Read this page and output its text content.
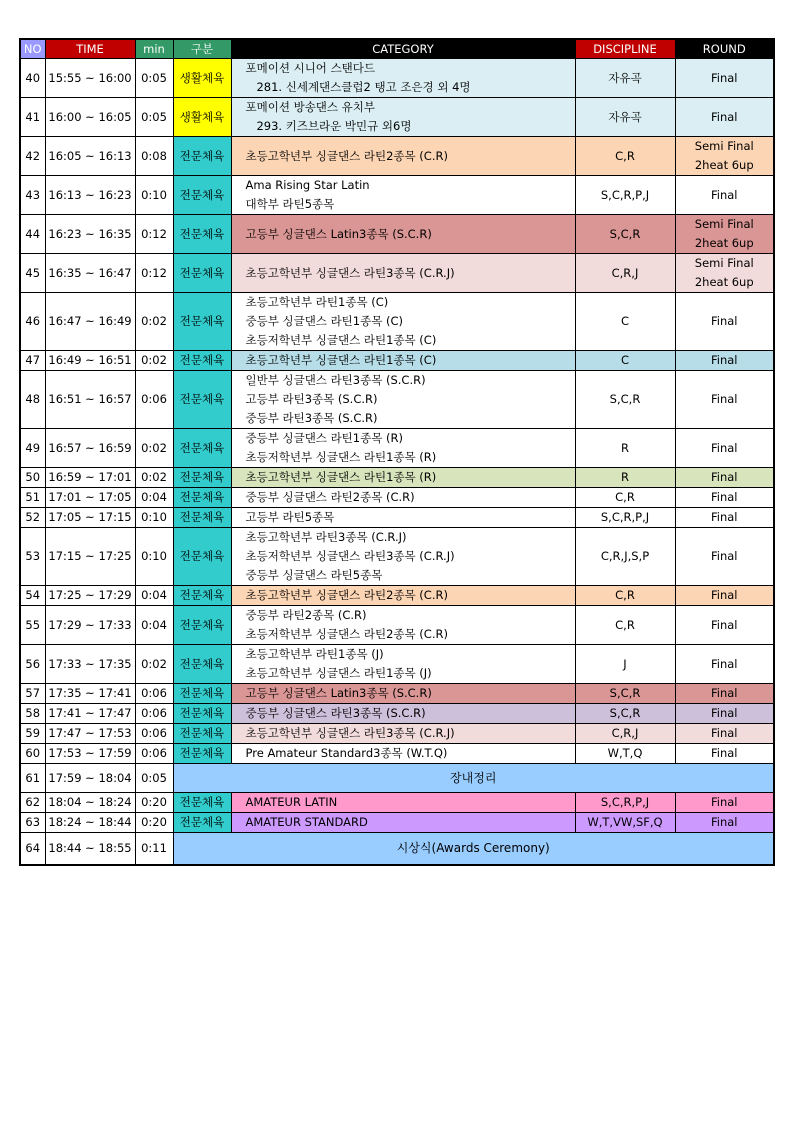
NO	TIME	min	구분	CATEGORY	DISCIPLINE	ROUND
40	15:55 ~ 16:00	0:05	생활체육	포메이션 시니어 스탠다드
281. 신세계댄스클럽2 탱고 조은경 외 4명	자유곡	Final

41	16:00 ~ 16:05	0:05	생활체육	포메이션 방송댄스 유치부
293. 키즈브라운 박민규 외6명	자유곡	Final

42	16:05 ~ 16:13	0:08	전문체육	초등고학년부 싱글댄스 라틴2종목 (C.R)	C,R	Semi Final
2heat 6up

43	16:13 ~ 16:23	0:10	전문체육	Ama Rising Star Latin
대학부 라틴5종목	S,C,R,P,J	Final

44	16:23 ~ 16:35	0:12	전문체육	고등부 싱글댄스 Latin3종목 (S.C.R)	S,C,R	Semi Final
2heat 6up

45	16:35 ~ 16:47	0:12	전문체육	초등고학년부 싱글댄스 라틴3종목 (C.R.J)	C,R,J	Semi Final
2heat 6up

46	16:47 ~ 16:49	0:02	전문체육	초등고학년부 라틴1종목 (C)
중등부 싱글댄스 라틴1종목 (C)
초등저학년부 싱글댄스 라틴1종목 (C)	C	Final

47	16:49 ~ 16:51	0:02	전문체육	초등고학년부 싱글댄스 라틴1종목 (C)	C	Final

48	16:51 ~ 16:57	0:06	전문체육	일반부 싱글댄스 라틴3종목 (S.C.R)
고등부 라틴3종목 (S.C.R)
중등부 라틴3종목 (S.C.R)	S,C,R	Final

49	16:57 ~ 16:59	0:02	전문체육	중등부 싱글댄스 라틴1종목 (R)
초등저학년부 싱글댄스 라틴1종목 (R)	R	Final

50	16:59 ~ 17:01	0:02	전문체육	초등고학년부 싱글댄스 라틴1종목 (R)	R	Final

51	17:01 ~ 17:05	0:04	전문체육	중등부 싱글댄스 라틴2종목 (C.R)	C,R	Final

52	17:05 ~ 17:15	0:10	전문체육	고등부 라틴5종목	S,C,R,P,J	Final

53	17:15 ~ 17:25	0:10	전문체육	초등고학년부 라틴3종목 (C.R.J)
초등저학년부 싱글댄스 라틴3종목 (C.R.J)
중등부 싱글댄스 라틴5종목	C,R,J,S,P	Final

54	17:25 ~ 17:29	0:04	전문체육	초등고학년부 싱글댄스 라틴2종목 (C.R)	C,R	Final

55	17:29 ~ 17:33	0:04	전문체육	중등부 라틴2종목 (C.R)
초등저학년부 싱글댄스 라틴2종목 (C.R)	C,R	Final

56	17:33 ~ 17:35	0:02	전문체육	초등고학년부 라틴1종목 (J)
초등고학년부 싱글댄스 라틴1종목 (J)	J	Final

57	17:35 ~ 17:41	0:06	전문체육	고등부 싱글댄스 Latin3종목 (S.C.R)	S,C,R	Final

58	17:41 ~ 17:47	0:06	전문체육	중등부 싱글댄스 라틴3종목 (S.C.R)	S,C,R	Final

59	17:47 ~ 17:53	0:06	전문체육	초등고학년부 싱글댄스 라틴3종목 (C.R.J)	C,R,J	Final

60	17:53 ~ 17:59	0:06	전문체육	Pre Amateur Standard3종목 (W.T.Q)	W,T,Q	Final

61	17:59 ~ 18:04	0:05	장내정리			
62	18:04 ~ 18:24	0:20	전문체육	AMATEUR LATIN	S,C,R,P,J	Final

63	18:24 ~ 18:44	0:20	전문체육	AMATEUR STANDARD	W,T,VW,SF,Q	Final

64	18:44 ~ 18:55	0:11	시상식(Awards Ceremony)			
